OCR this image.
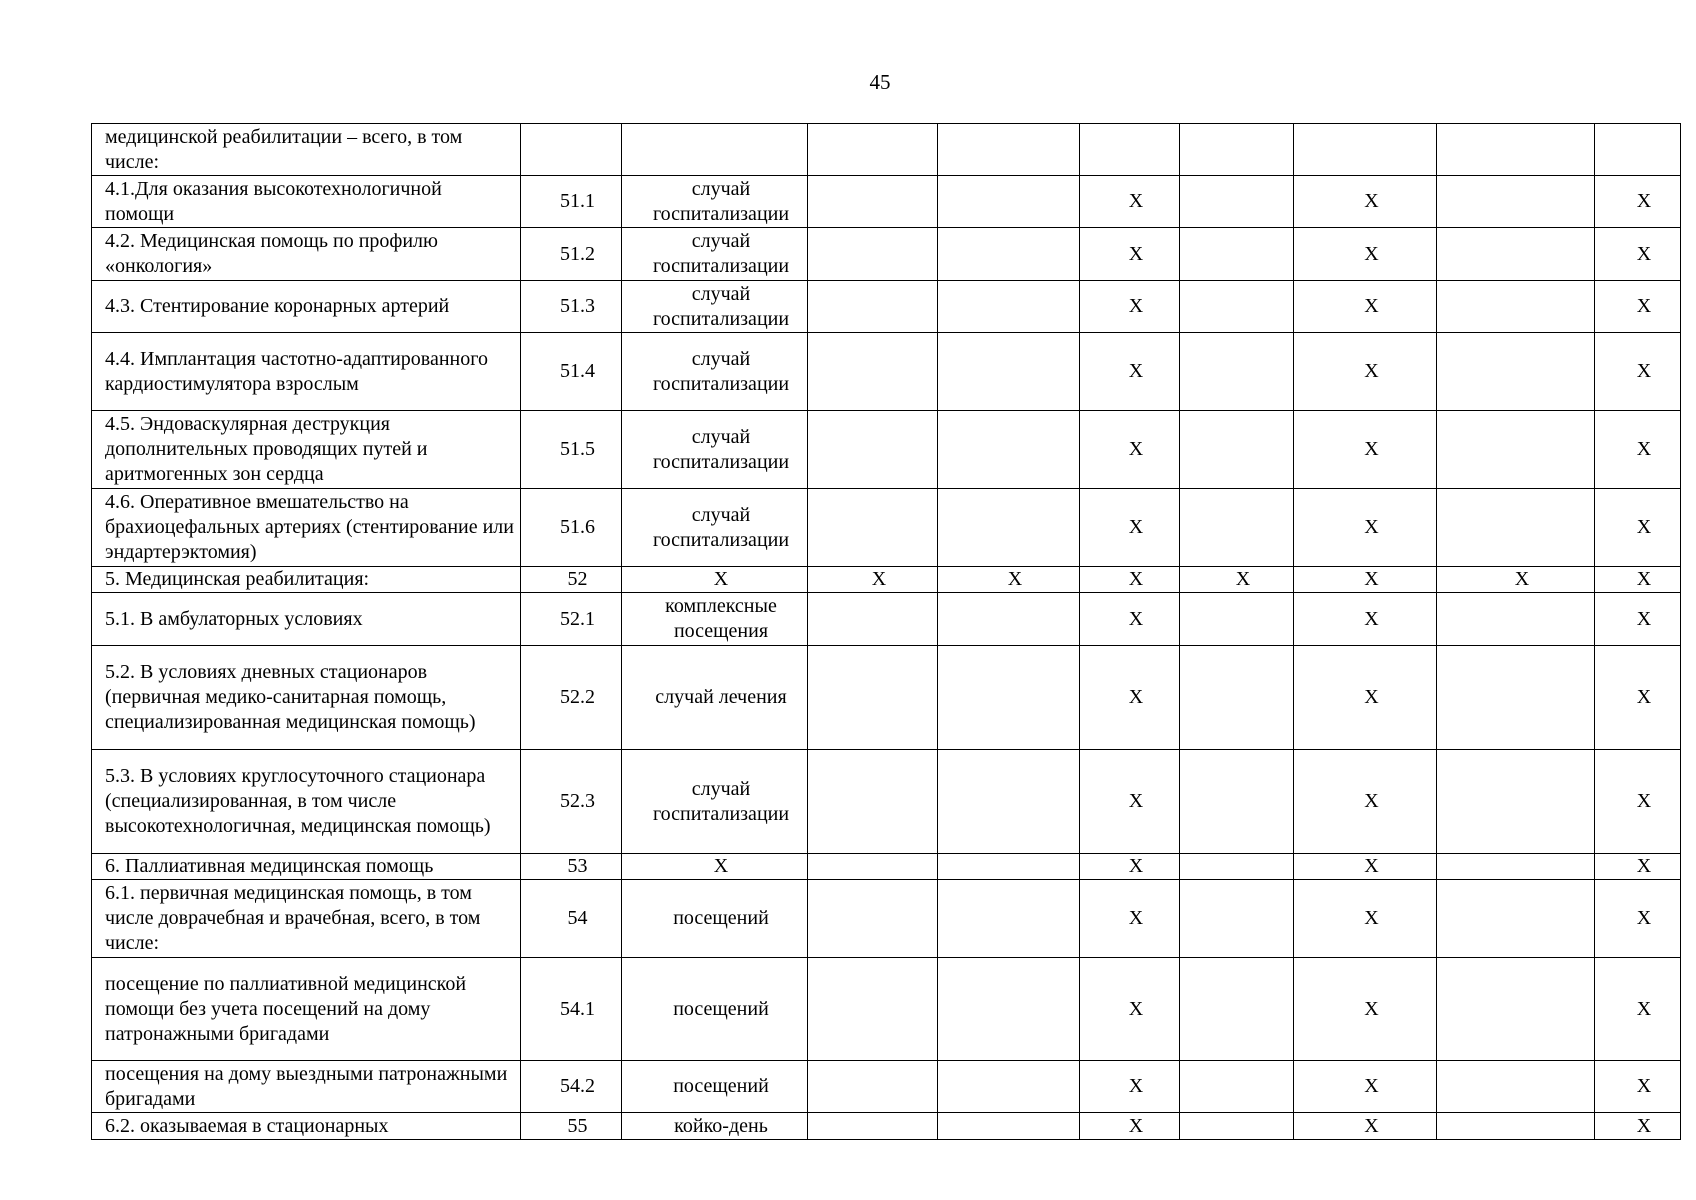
45
медицинской реабилитации – всего, в том числе:									
4.1.Для оказания высокотехнологичной помощи	51.1	случай госпитализации			X		X		X
4.2. Медицинская помощь по профилю «онкология»	51.2	случай госпитализации			X		X		X
4.3. Стентирование коронарных артерий	51.3	случай госпитализации			X		X		X
4.4. Имплантация частотно-адаптированного кардиостимулятора взрослым	51.4	случай госпитализации			X		X		X
4.5. Эндоваскулярная деструкция дополнительных проводящих путей и аритмогенных зон сердца	51.5	случай госпитализации			X		X		X
4.6. Оперативное вмешательство на брахиоцефальных артериях (стентирование или эндартерэктомия)	51.6	случай госпитализации			X		X		X
5. Медицинская реабилитация:	52	X	X	X	X	X	X	X	X
5.1. В амбулаторных условиях	52.1	комплексные посещения			X		X		X
5.2. В условиях дневных стационаров (первичная медико-санитарная помощь, специализированная медицинская помощь)	52.2	случай лечения			X		X		X
5.3. В условиях круглосуточного стационара (специализированная, в том числе высокотехнологичная, медицинская помощь)	52.3	случай госпитализации			X		X		X
6. Паллиативная медицинская помощь	53	X			X		X		X
6.1. первичная медицинская помощь, в том числе доврачебная и врачебная, всего, в том числе:	54	посещений			X		X		X
посещение по паллиативной медицинской помощи без учета посещений на дому патронажными бригадами	54.1	посещений			X		X		X
посещения на дому выездными патронажными бригадами	54.2	посещений			X		X		X
6.2. оказываемая в стационарных	55	койко-день			X		X		X
